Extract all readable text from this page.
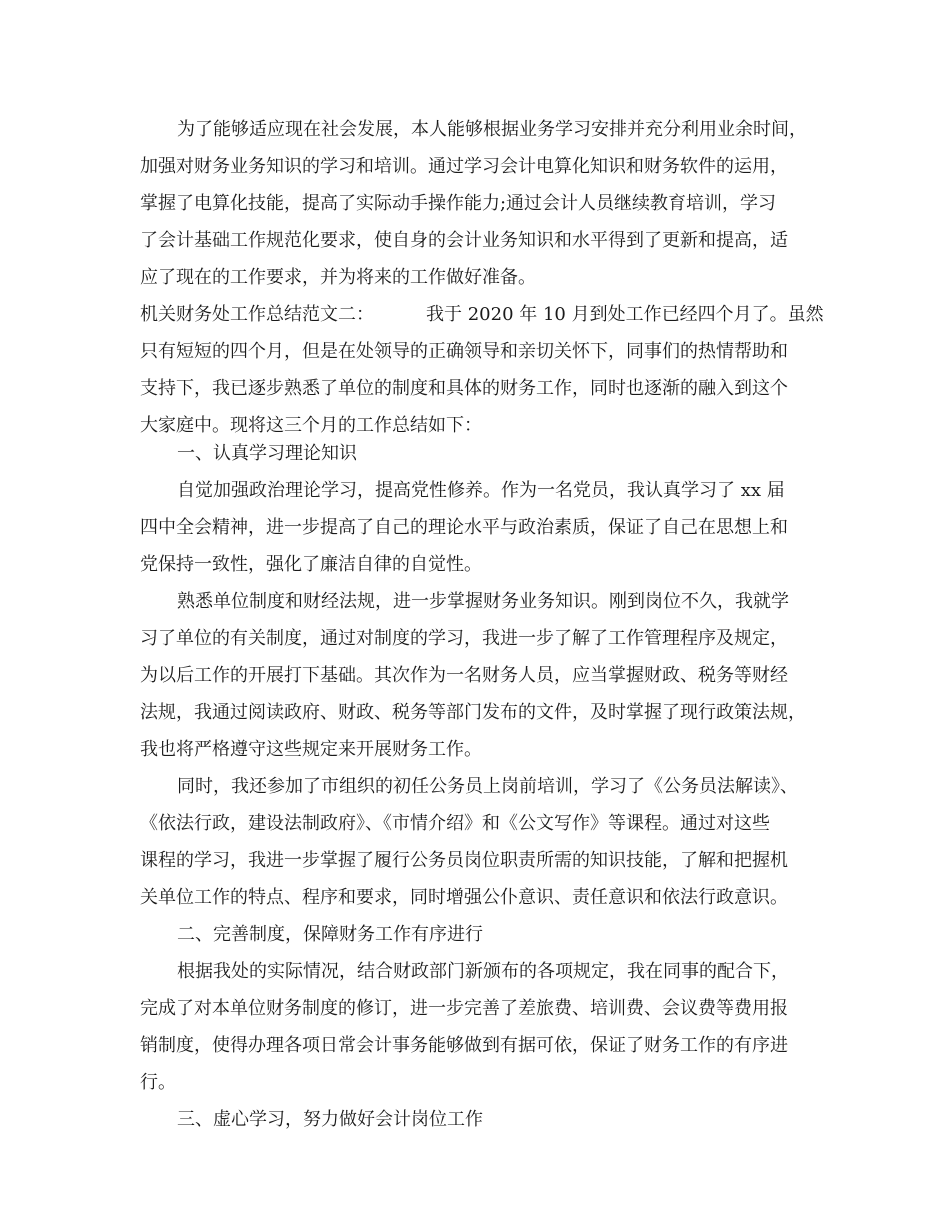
为了能够适应现在社会发展，本人能够根据业务学习安排并充分利用业余时间，
加强对财务业务知识的学习和培训。通过学习会计电算化知识和财务软件的运用，
掌握了电算化技能，提高了实际动手操作能力;通过会计人员继续教育培训，学习
了会计基础工作规范化要求，使自身的会计业务知识和水平得到了更新和提高，适
应了现在的工作要求，并为将来的工作做好准备。
机关财务处工作总结范文二：	我于 2020 年 10 月到处工作已经四个月了。虽然
只有短短的四个月，但是在处领导的正确领导和亲切关怀下，同事们的热情帮助和
支持下，我已逐步熟悉了单位的制度和具体的财务工作，同时也逐渐的融入到这个
大家庭中。现将这三个月的工作总结如下：
一、认真学习理论知识
自觉加强政治理论学习，提高党性修养。作为一名党员，我认真学习了 xx 届
四中全会精神，进一步提高了自己的理论水平与政治素质，保证了自己在思想上和
党保持一致性，强化了廉洁自律的自觉性。
熟悉单位制度和财经法规，进一步掌握财务业务知识。刚到岗位不久，我就学
习了单位的有关制度，通过对制度的学习，我进一步了解了工作管理程序及规定，
为以后工作的开展打下基础。其次作为一名财务人员，应当掌握财政、税务等财经
法规，我通过阅读政府、财政、税务等部门发布的文件，及时掌握了现行政策法规，
我也将严格遵守这些规定来开展财务工作。
同时，我还参加了市组织的初任公务员上岗前培训，学习了《公务员法解读》、
《依法行政，建设法制政府》、《市情介绍》和《公文写作》等课程。通过对这些
课程的学习，我进一步掌握了履行公务员岗位职责所需的知识技能，了解和把握机
关单位工作的特点、程序和要求，同时增强公仆意识、责任意识和依法行政意识。
二、完善制度，保障财务工作有序进行
根据我处的实际情况，结合财政部门新颁布的各项规定，我在同事的配合下，
完成了对本单位财务制度的修订，进一步完善了差旅费、培训费、会议费等费用报
销制度，使得办理各项日常会计事务能够做到有据可依，保证了财务工作的有序进
行。
三、虚心学习，努力做好会计岗位工作
